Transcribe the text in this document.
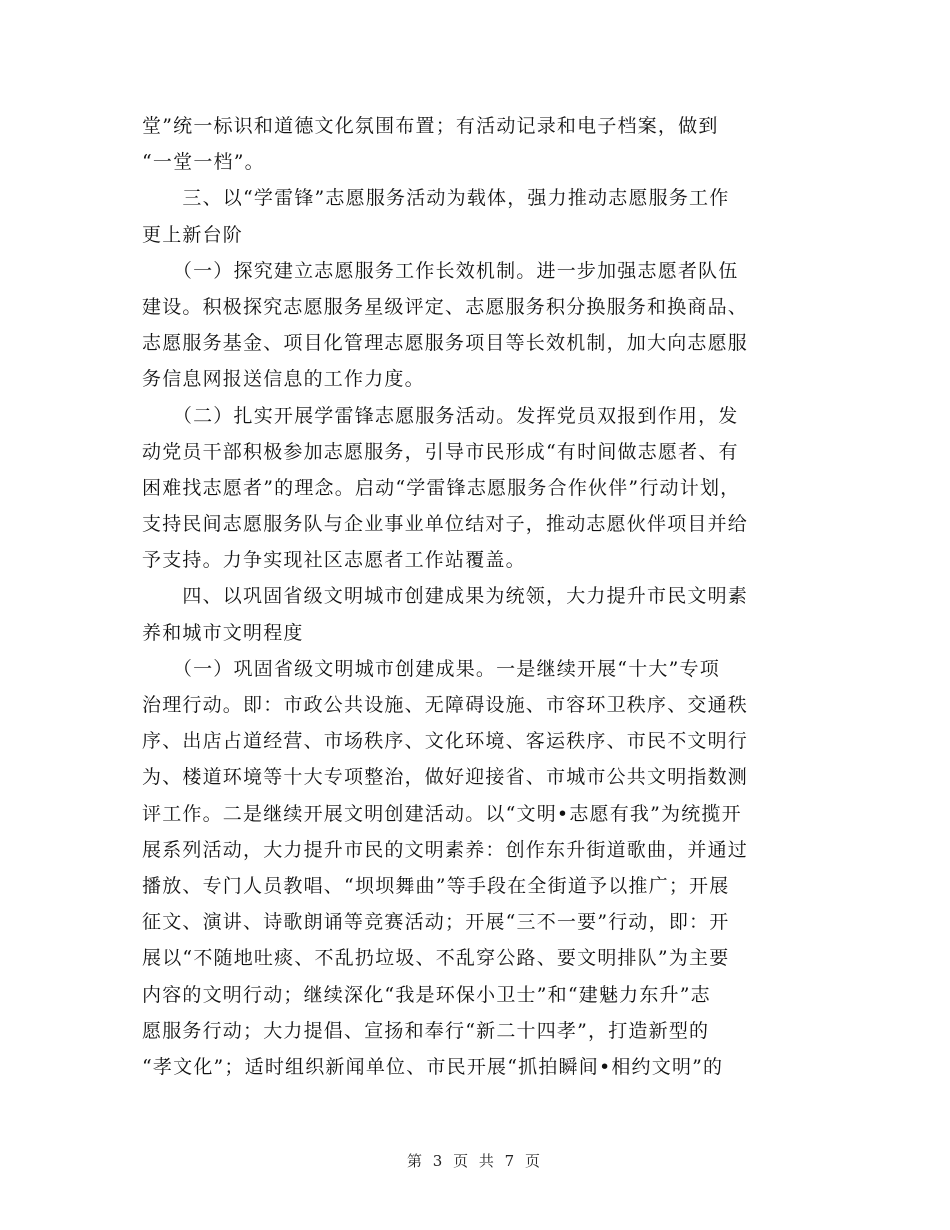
堂”统一标识和道德文化氛围布置；有活动记录和电子档案，做到
“一堂一档”。
　　三、以“学雷锋”志愿服务活动为载体，强力推动志愿服务工作
更上新台阶
　　（一）探究建立志愿服务工作长效机制。进一步加强志愿者队伍
建设。积极探究志愿服务星级评定、志愿服务积分换服务和换商品、
志愿服务基金、项目化管理志愿服务项目等长效机制，加大向志愿服
务信息网报送信息的工作力度。
　　（二）扎实开展学雷锋志愿服务活动。发挥党员双报到作用，发
动党员干部积极参加志愿服务，引导市民形成“有时间做志愿者、有
困难找志愿者”的理念。启动“学雷锋志愿服务合作伙伴”行动计划，
支持民间志愿服务队与企业事业单位结对子，推动志愿伙伴项目并给
予支持。力争实现社区志愿者工作站覆盖。
　　四、以巩固省级文明城市创建成果为统领，大力提升市民文明素
养和城市文明程度
　　（一）巩固省级文明城市创建成果。一是继续开展“十大”专项
治理行动。即：市政公共设施、无障碍设施、市容环卫秩序、交通秩
序、出店占道经营、市场秩序、文化环境、客运秩序、市民不文明行
为、楼道环境等十大专项整治，做好迎接省、市城市公共文明指数测
评工作。二是继续开展文明创建活动。以“文明•志愿有我”为统揽开
展系列活动，大力提升市民的文明素养：创作东升街道歌曲，并通过
播放、专门人员教唱、“坝坝舞曲”等手段在全街道予以推广；开展
征文、演讲、诗歌朗诵等竞赛活动；开展“三不一要”行动，即：开
展以“不随地吐痰、不乱扔垃圾、不乱穿公路、要文明排队”为主要
内容的文明行动；继续深化“我是环保小卫士”和“建魅力东升”志
愿服务行动；大力提倡、宣扬和奉行“新二十四孝”，打造新型的
“孝文化”；适时组织新闻单位、市民开展“抓拍瞬间•相约文明”的
第 3 页 共 7 页
